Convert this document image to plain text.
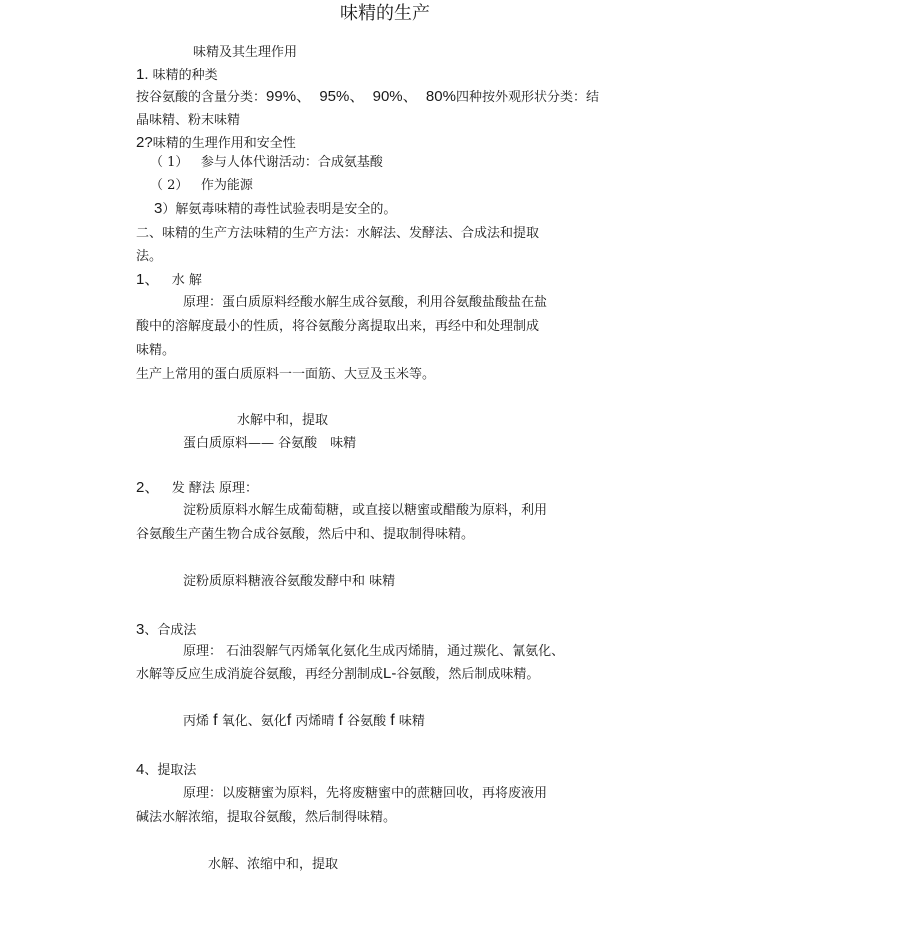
味精的生产
味精及其生理作用
1. 味精的种类
按谷氨酸的含量分类：99%、 95%、 90%、 80%四种按外观形状分类：结
晶味精、粉末味精
2?味精的生理作用和安全性
（ 1） 参与人体代谢活动：合成氨基酸
（ 2） 作为能源
3）解氨毒味精的毒性试验表明是安全的。
二、味精的生产方法味精的生产方法：水解法、发酵法、合成法和提取
法。
1、 水 解
原理：蛋白质原料经酸水解生成谷氨酸，利用谷氨酸盐酸盐在盐
酸中的溶解度最小的性质，将谷氨酸分离提取出来，再经中和处理制成
味精。
生产上常用的蛋白质原料一一面筋、大豆及玉米等。
水解中和，提取
蛋白质原料—— 谷氨酸　味精
2、 发 酵法 原理：
淀粉质原料水解生成葡萄糖，或直接以糖蜜或醋酸为原料，利用
谷氨酸生产菌生物合成谷氨酸，然后中和、提取制得味精。
淀粉质原料糖液谷氨酸发酵中和 味精
3、合成法
原理： 石油裂解气丙烯氧化氨化生成丙烯腈，通过羰化、氰氨化、
水解等反应生成消旋谷氨酸，再经分割制成L-谷氨酸，然后制成味精。
丙烯 f 氧化、氨化f 丙烯晴 f 谷氨酸 f 味精
4、提取法
原理：以废糖蜜为原料，先将废糖蜜中的蔗糖回收，再将废液用
碱法水解浓缩，提取谷氨酸，然后制得味精。
水解、浓缩中和，提取
